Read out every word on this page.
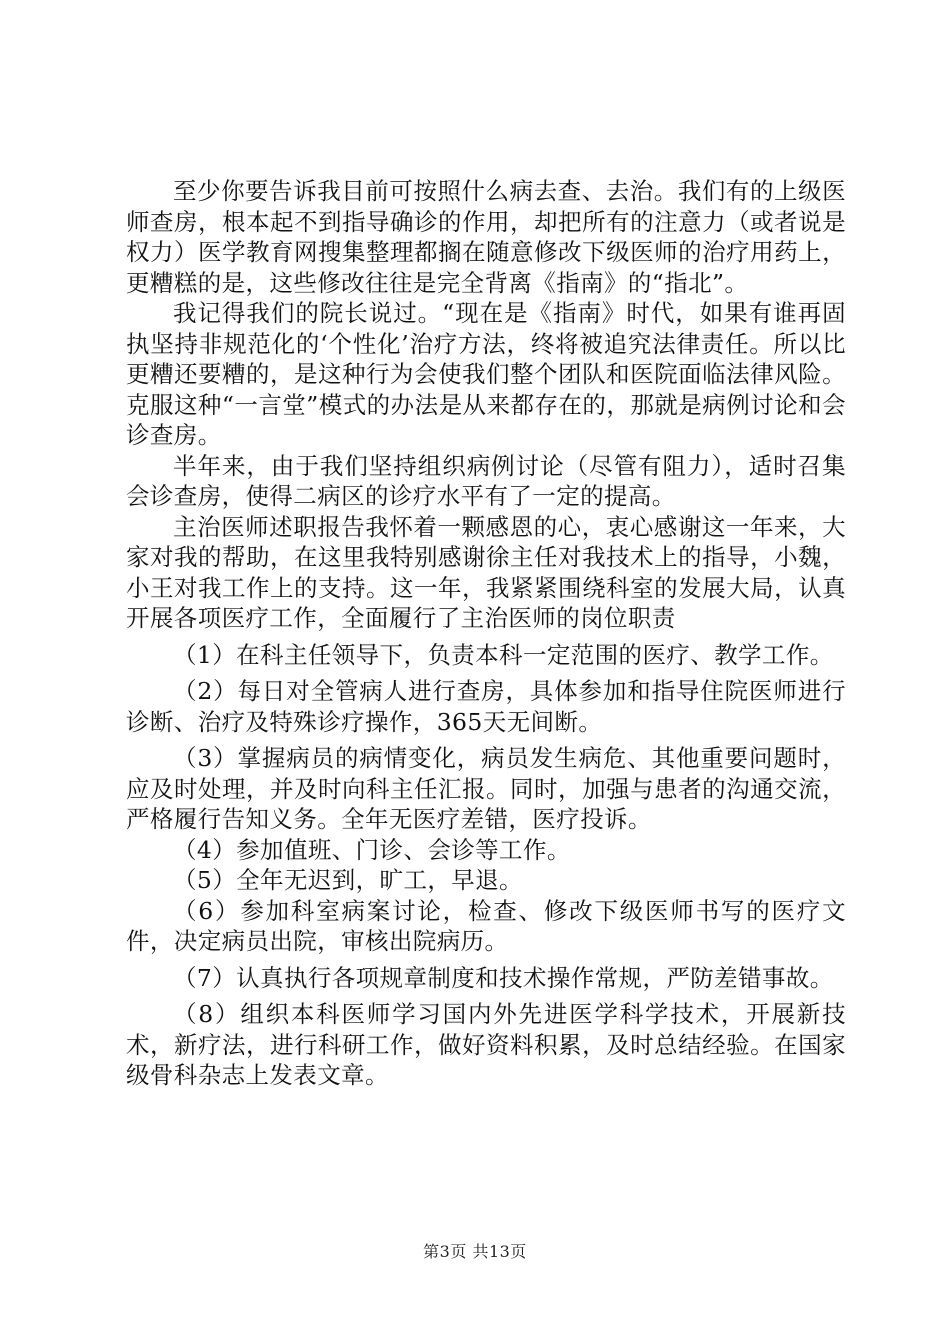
至少你要告诉我目前可按照什么病去查、去治。我们有的上级医师查房，根本起不到指导确诊的作用，却把所有的注意力（或者说是权力）医学教育网搜集整理都搁在随意修改下级医师的治疗用药上，更糟糕的是，这些修改往往是完全背离《指南》的“指北”。

我记得我们的院长说过。“现在是《指南》时代，如果有谁再固执坚持非规范化的‘个性化’治疗方法，终将被追究法律责任。所以比更糟还要糟的，是这种行为会使我们整个团队和医院面临法律风险。克服这种“一言堂”模式的办法是从来都存在的，那就是病例讨论和会诊查房。

半年来，由于我们坚持组织病例讨论（尽管有阻力），适时召集会诊查房，使得二病区的诊疗水平有了一定的提高。

主治医师述职报告我怀着一颗感恩的心，衷心感谢这一年来，大家对我的帮助，在这里我特别感谢徐主任对我技术上的指导，小魏，小王对我工作上的支持。这一年，我紧紧围绕科室的发展大局，认真开展各项医疗工作，全面履行了主治医师的岗位职责

（1）在科主任领导下，负责本科一定范围的医疗、教学工作。

（2）每日对全管病人进行查房，具体参加和指导住院医师进行诊断、治疗及特殊诊疗操作，365天无间断。

（3）掌握病员的病情变化，病员发生病危、其他重要问题时，应及时处理，并及时向科主任汇报。同时，加强与患者的沟通交流，严格履行告知义务。全年无医疗差错，医疗投诉。

（4）参加值班、门诊、会诊等工作。

（5）全年无迟到，旷工，早退。

（6）参加科室病案讨论，检查、修改下级医师书写的医疗文件，决定病员出院，审核出院病历。

（7）认真执行各项规章制度和技术操作常规，严防差错事故。

（8）组织本科医师学习国内外先进医学科学技术，开展新技术，新疗法，进行科研工作，做好资料积累，及时总结经验。在国家级骨科杂志上发表文章。

第3页 共13页
